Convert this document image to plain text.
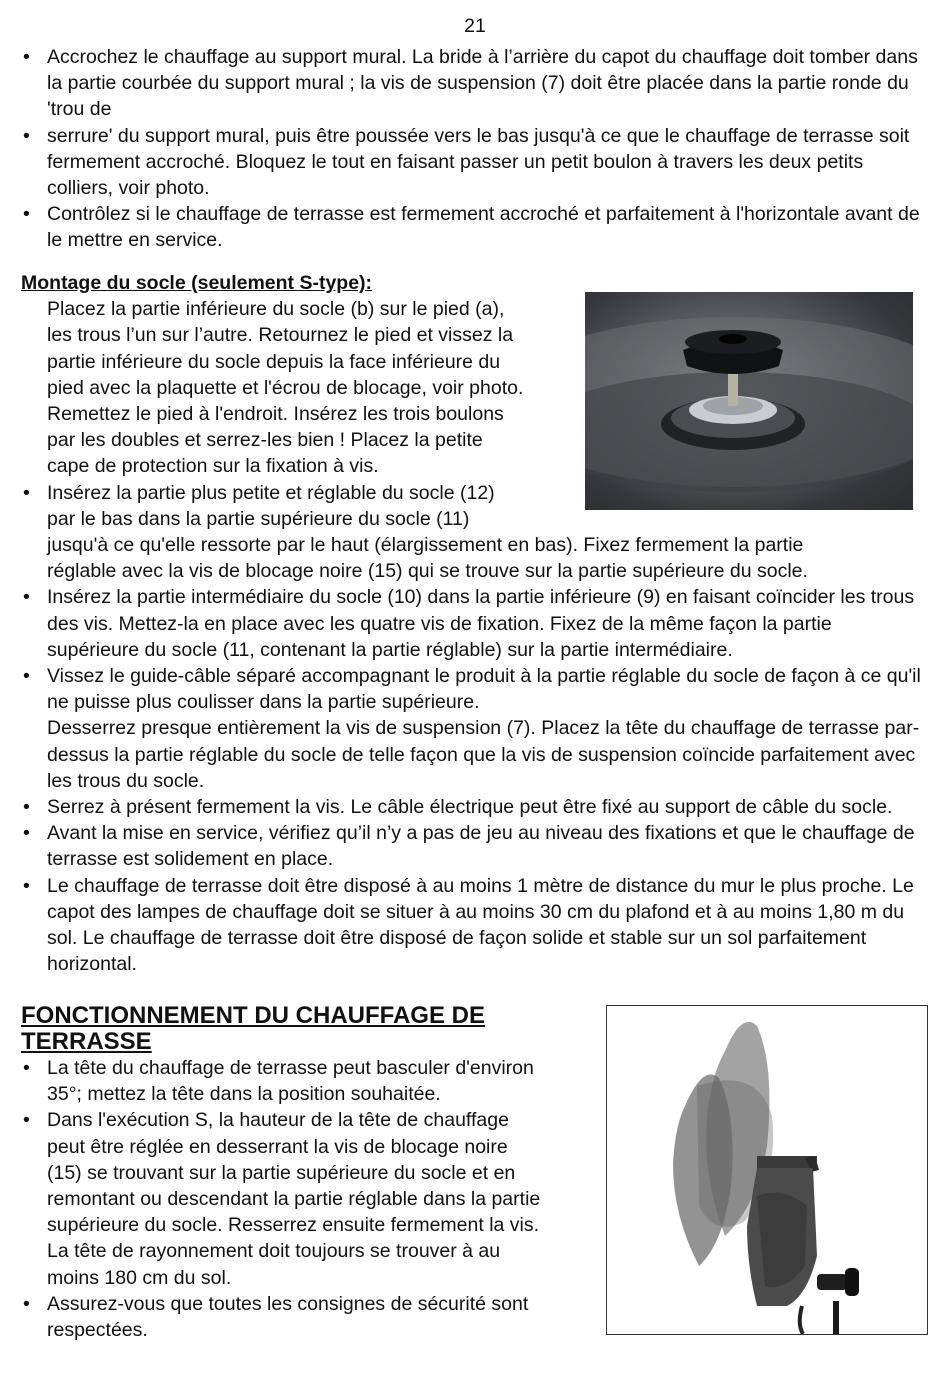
21
• Accrochez le chauffage au support mural. La bride à l’arrière du capot du chauffage doit tomber dans la partie courbée du support mural ; la vis de suspension (7) doit être placée dans la partie ronde du 'trou de
• serrure' du support mural, puis être poussée vers le bas jusqu'à ce que le chauffage de terrasse soit fermement accroché. Bloquez le tout en faisant passer un petit boulon à travers les deux petits colliers, voir photo.
• Contrôlez si le chauffage de terrasse est fermement accroché et parfaitement à l'horizontale avant de le mettre en service.
Montage du socle (seulement S-type):
Placez la partie inférieure du socle (b) sur le pied (a),
les trous l’un sur l’autre. Retournez le pied et vissez la
partie inférieure du socle depuis la face inférieure du
pied avec la plaquette et l'écrou de blocage, voir photo.
Remettez le pied à l'endroit. Insérez les trois boulons
par les doubles et serrez-les bien ! Placez la petite
cape de protection sur la fixation à vis.
• Insérez la partie plus petite et réglable du socle (12)
par le bas dans la partie supérieure du socle (11)
jusqu'à ce qu'elle ressorte par le haut (élargissement en bas). Fixez fermement la partie
réglable avec la vis de blocage noire (15) qui se trouve sur la partie supérieure du socle.
• Insérez la partie intermédiaire du socle (10) dans la partie inférieure (9) en faisant coïncider les trous des vis. Mettez-la en place avec les quatre vis de fixation. Fixez de la même façon la partie supérieure du socle (11, contenant la partie réglable) sur la partie intermédiaire.
• Vissez le guide-câble séparé accompagnant le produit à la partie réglable du socle de façon à ce qu'il ne puisse plus coulisser dans la partie supérieure.
Desserrez presque entièrement la vis de suspension (7). Placez la tête du chauffage de terrasse par-dessus la partie réglable du socle de telle façon que la vis de suspension coïncide parfaitement avec les trous du socle.
• Serrez à présent fermement la vis. Le câble électrique peut être fixé au support de câble du socle.
• Avant la mise en service, vérifiez qu’il n’y a pas de jeu au niveau des fixations et que le chauffage de terrasse est solidement en place.
• Le chauffage de terrasse doit être disposé à au moins 1 mètre de distance du mur le plus proche. Le capot des lampes de chauffage doit se situer à au moins 30 cm du plafond et à au moins 1,80 m du sol. Le chauffage de terrasse doit être disposé de façon solide et stable sur un sol parfaitement horizontal.
FONCTIONNEMENT DU CHAUFFAGE DE
TERRASSE
• La tête du chauffage de terrasse peut basculer d'environ
35°; mettez la tête dans la position souhaitée.
• Dans l'exécution S, la hauteur de la tête de chauffage
peut être réglée en desserrant la vis de blocage noire
(15) se trouvant sur la partie supérieure du socle et en
remontant ou descendant la partie réglable dans la partie
supérieure du socle. Resserrez ensuite fermement la vis.
La tête de rayonnement doit toujours se trouver à au
moins 180 cm du sol.
• Assurez-vous que toutes les consignes de sécurité sont
respectées.
